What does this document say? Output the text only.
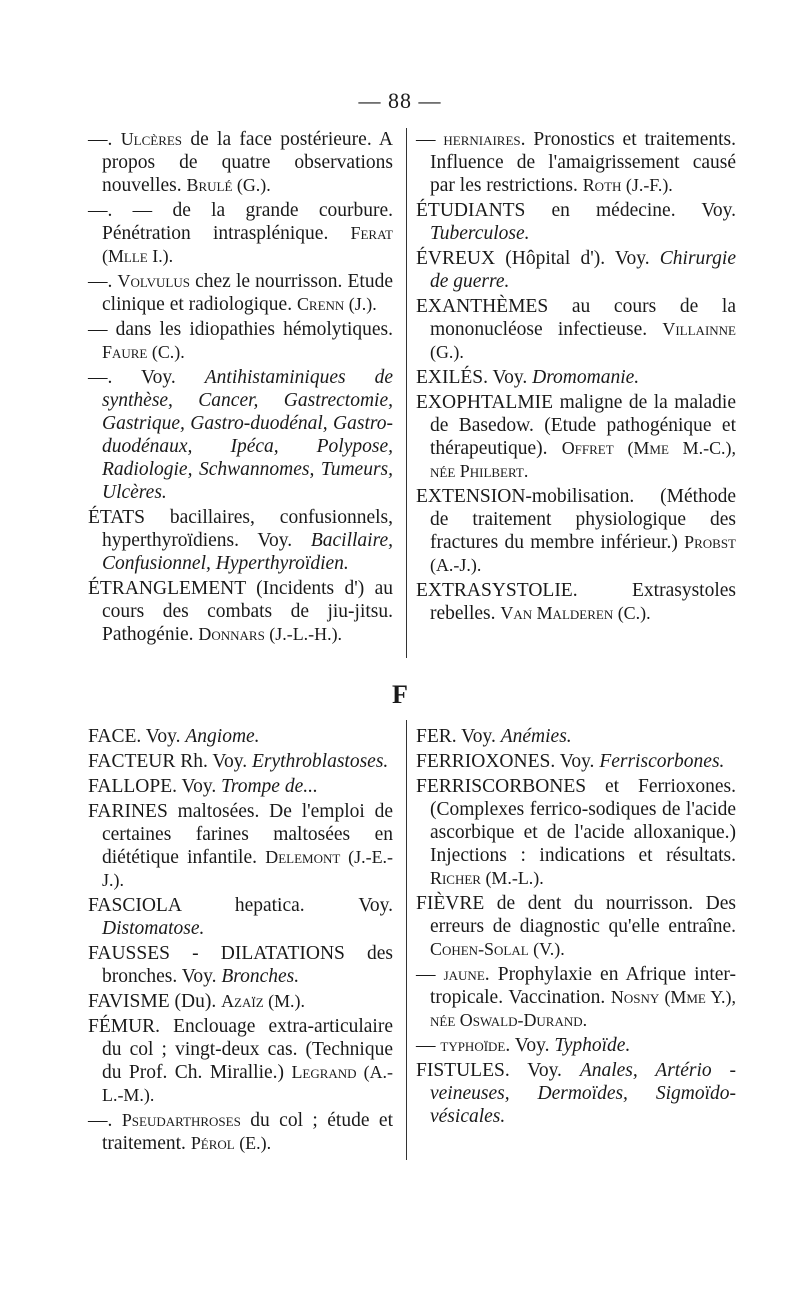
— 88 —

—. Ulcères de la face postérieure. A propos de quatre observations nouvelles. Brulé (G.).

—. — de la grande courbure. Pénétration intrasplénique. Ferat (Mlle I.).

—. Volvulus chez le nourrisson. Etude clinique et radiologique. Crenn (J.).

— dans les idiopathies hémolytiques. Faure (C.).

—. Voy. Antihistaminiques de synthèse, Cancer, Gastrectomie, Gastrique, Gastro-duodénal, Gastro-duodénaux, Ipéca, Polypose, Radiologie, Schwannomes, Tumeurs, Ulcères.

ÉTATS bacillaires, confusionnels, hyperthyroïdiens. Voy. Bacillaire, Confusionnel, Hyperthyroïdien.

ÉTRANGLEMENT (Incidents d') au cours des combats de jiu-jitsu. Pathogénie. Donnars (J.-L.-H.).

— herniaires. Pronostics et traitements. Influence de l'amaigrissement causé par les restrictions. Roth (J.-F.).

ÉTUDIANTS en médecine. Voy. Tuberculose.

ÉVREUX (Hôpital d'). Voy. Chirurgie de guerre.

EXANTHÈMES au cours de la mononucléose infectieuse. Villainne (G.).

EXILÉS. Voy. Dromomanie.

EXOPHTALMIE maligne de la maladie de Basedow. (Etude pathogénique et thérapeutique). Offret (Mme M.-C.), née Philbert.

EXTENSION-mobilisation. (Méthode de traitement physiologique des fractures du membre inférieur.) Probst (A.-J.).

EXTRASYSTOLIE. Extrasystoles rebelles. Van Malderen (C.).

F

FACE. Voy. Angiome.

FACTEUR Rh. Voy. Erythroblastoses.

FALLOPE. Voy. Trompe de...

FARINES maltosées. De l'emploi de certaines farines maltosées en diététique infantile. Delemont (J.-E.-J.).

FASCIOLA hepatica. Voy. Distomatose.

FAUSSES - DILATATIONS des bronches. Voy. Bronches.

FAVISME (Du). Azaïz (M.).

FÉMUR. Enclouage extra-articulaire du col ; vingt-deux cas. (Technique du Prof. Ch. Mirallie.) Legrand (A.-L.-M.).

—. Pseudarthroses du col ; étude et traitement. Pérol (E.).

FER. Voy. Anémies.

FERRIOXONES. Voy. Ferriscorbones.

FERRISCORBONES et Ferrioxones. (Complexes ferrico-sodiques de l'acide ascorbique et de l'acide alloxanique.) Injections : indications et résultats. Richer (M.-L.).

FIÈVRE de dent du nourrisson. Des erreurs de diagnostic qu'elle entraîne. Cohen-Solal (V.).

— jaune. Prophylaxie en Afrique inter-tropicale. Vaccination. Nosny (Mme Y.), née Oswald-Durand.

— typhoïde. Voy. Typhoïde.

FISTULES. Voy. Anales, Artério - veineuses, Dermoïdes, Sigmoïdo-vésicales.
